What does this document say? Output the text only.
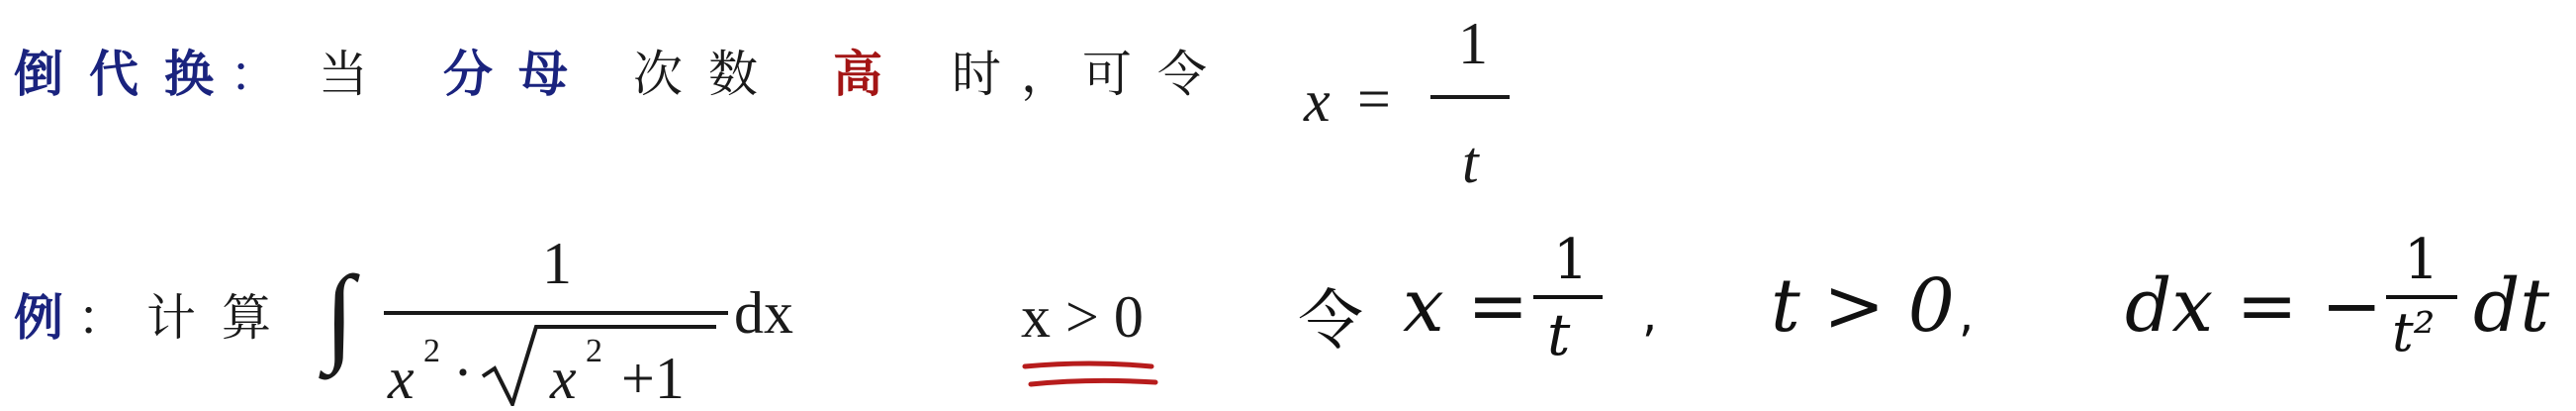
倒代换
： 当 分母 次数 高 时
， 可令 x =
1
t
例 ： 计算 ∫	1
x 2 · x 2 +1
dx	x > 0 令 x =
1
t , t > 0 , dx = −
1
t² dt
